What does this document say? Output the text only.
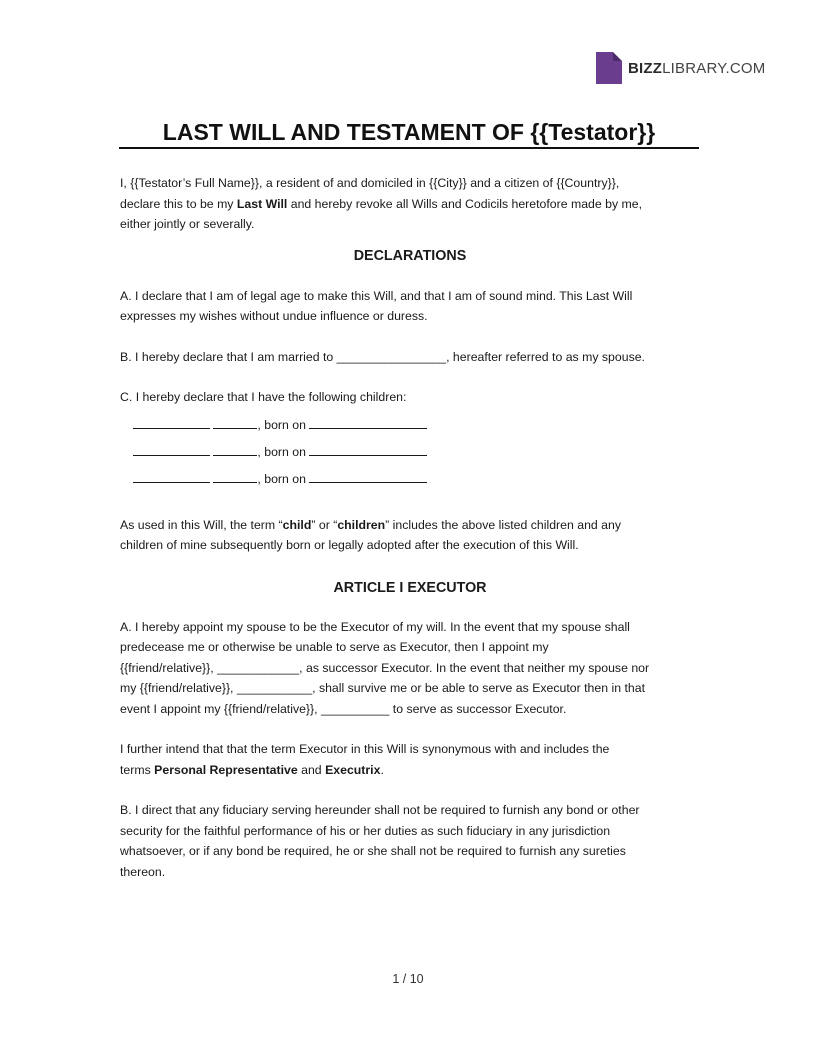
BIZZLIBRARY.COM
LAST WILL AND TESTAMENT OF {{Testator}}

I, {{Testator’s Full Name}}, a resident of and domiciled in {{City}} and a citizen of {{Country}},
declare this to be my Last Will and hereby revoke all Wills and Codicils heretofore made by me,
either jointly or severally.

DECLARATIONS

A. I declare that I am of legal age to make this Will, and that I am of sound mind. This Last Will
expresses my wishes without undue influence or duress.

B. I hereby declare that I am married to ________________, hereafter referred to as my spouse.

C. I hereby declare that I have the following children:

, born on

, born on

, born on

As used in this Will, the term “child” or “children” includes the above listed children and any
children of mine subsequently born or legally adopted after the execution of this Will.

ARTICLE I EXECUTOR

A. I hereby appoint my spouse to be the Executor of my will. In the event that my spouse shall
predecease me or otherwise be unable to serve as Executor, then I appoint my
{{friend/relative}}, ____________, as successor Executor. In the event that neither my spouse nor
my {{friend/relative}}, ___________, shall survive me or be able to serve as Executor then in that
event I appoint my {{friend/relative}}, __________ to serve as successor Executor.

I further intend that that the term Executor in this Will is synonymous with and includes the
terms Personal Representative and Executrix.

B. I direct that any fiduciary serving hereunder shall not be required to furnish any bond or other
security for the faithful performance of his or her duties as such fiduciary in any jurisdiction
whatsoever, or if any bond be required, he or she shall not be required to furnish any sureties
thereon.

1 / 10
